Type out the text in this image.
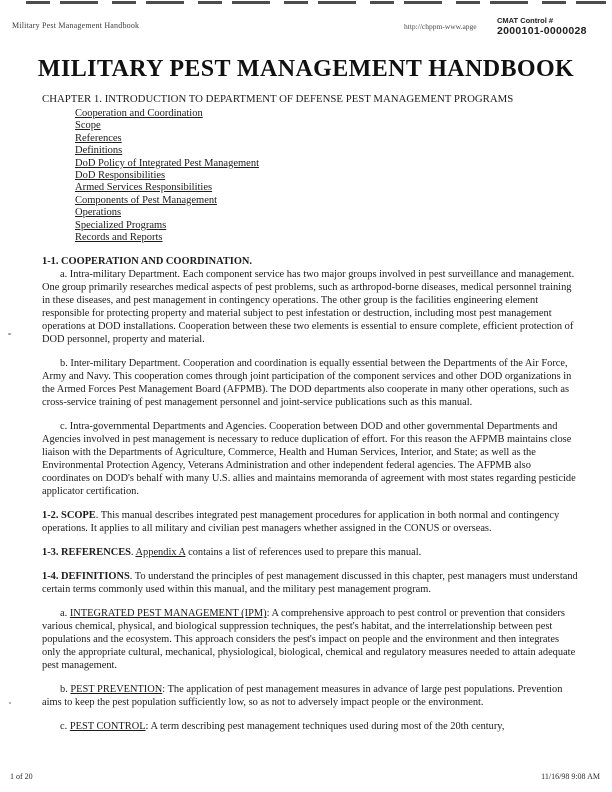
Military Pest Management Handbook	http://chppm-www.apge
CMAT Control #
2000101-0000028
MILITARY PEST MANAGEMENT HANDBOOK
CHAPTER 1. INTRODUCTION TO DEPARTMENT OF DEFENSE PEST MANAGEMENT PROGRAMS
Cooperation and Coordination
Scope
References
Definitions
DoD Policy of Integrated Pest Management
DoD Responsibilities
Armed Services Responsibilities
Components of Pest Management
Operations
Specialized Programs
Records and Reports
1-1. COOPERATION AND COORDINATION.

a. Intra-military Department. Each component service has two major groups involved in pest surveillance and management. One group primarily researches medical aspects of pest problems, such as arthropod-borne diseases, medical personnel training in these diseases, and pest management in contingency operations. The other group is the facilities engineering element responsible for protecting property and material subject to pest infestation or destruction, including most pest management operations at DOD installations. Cooperation between these two elements is essential to ensure complete, efficient protection of DOD personnel, property and material.

b. Inter-military Department. Cooperation and coordination is equally essential between the Departments of the Air Force, Army and Navy. This cooperation comes through joint participation of the component services and other DOD organizations in the Armed Forces Pest Management Board (AFPMB). The DOD departments also cooperate in many other operations, such as cross-service training of pest management personnel and joint-service publications such as this manual.

c. Intra-governmental Departments and Agencies. Cooperation between DOD and other governmental Departments and Agencies involved in pest management is necessary to reduce duplication of effort. For this reason the AFPMB maintains close liaison with the Departments of Agriculture, Commerce, Health and Human Services, Interior, and State; as well as the Environmental Protection Agency, Veterans Administration and other independent federal agencies. The AFPMB also coordinates on DOD's behalf with many U.S. allies and maintains memoranda of agreement with most states regarding pesticide applicator certification.

1-2. SCOPE. This manual describes integrated pest management procedures for application in both normal and contingency operations. It applies to all military and civilian pest managers whether assigned in the CONUS or overseas.

1-3. REFERENCES. Appendix A contains a list of references used to prepare this manual.

1-4. DEFINITIONS. To understand the principles of pest management discussed in this chapter, pest managers must understand certain terms commonly used within this manual, and the military pest management program.

a. INTEGRATED PEST MANAGEMENT (IPM): A comprehensive approach to pest control or prevention that considers various chemical, physical, and biological suppression techniques, the pest's habitat, and the interrelationship between pest populations and the ecosystem. This approach considers the pest's impact on people and the environment and then integrates only the appropriate cultural, mechanical, physiological, biological, chemical and regulatory measures needed to attain adequate pest management.

b. PEST PREVENTION: The application of pest management measures in advance of large pest populations. Prevention aims to keep the pest population sufficiently low, so as not to adversely impact people or the environment.

c. PEST CONTROL: A term describing pest management techniques used during most of the 20th century,

1 of 20	11/16/98 9:08 AM
